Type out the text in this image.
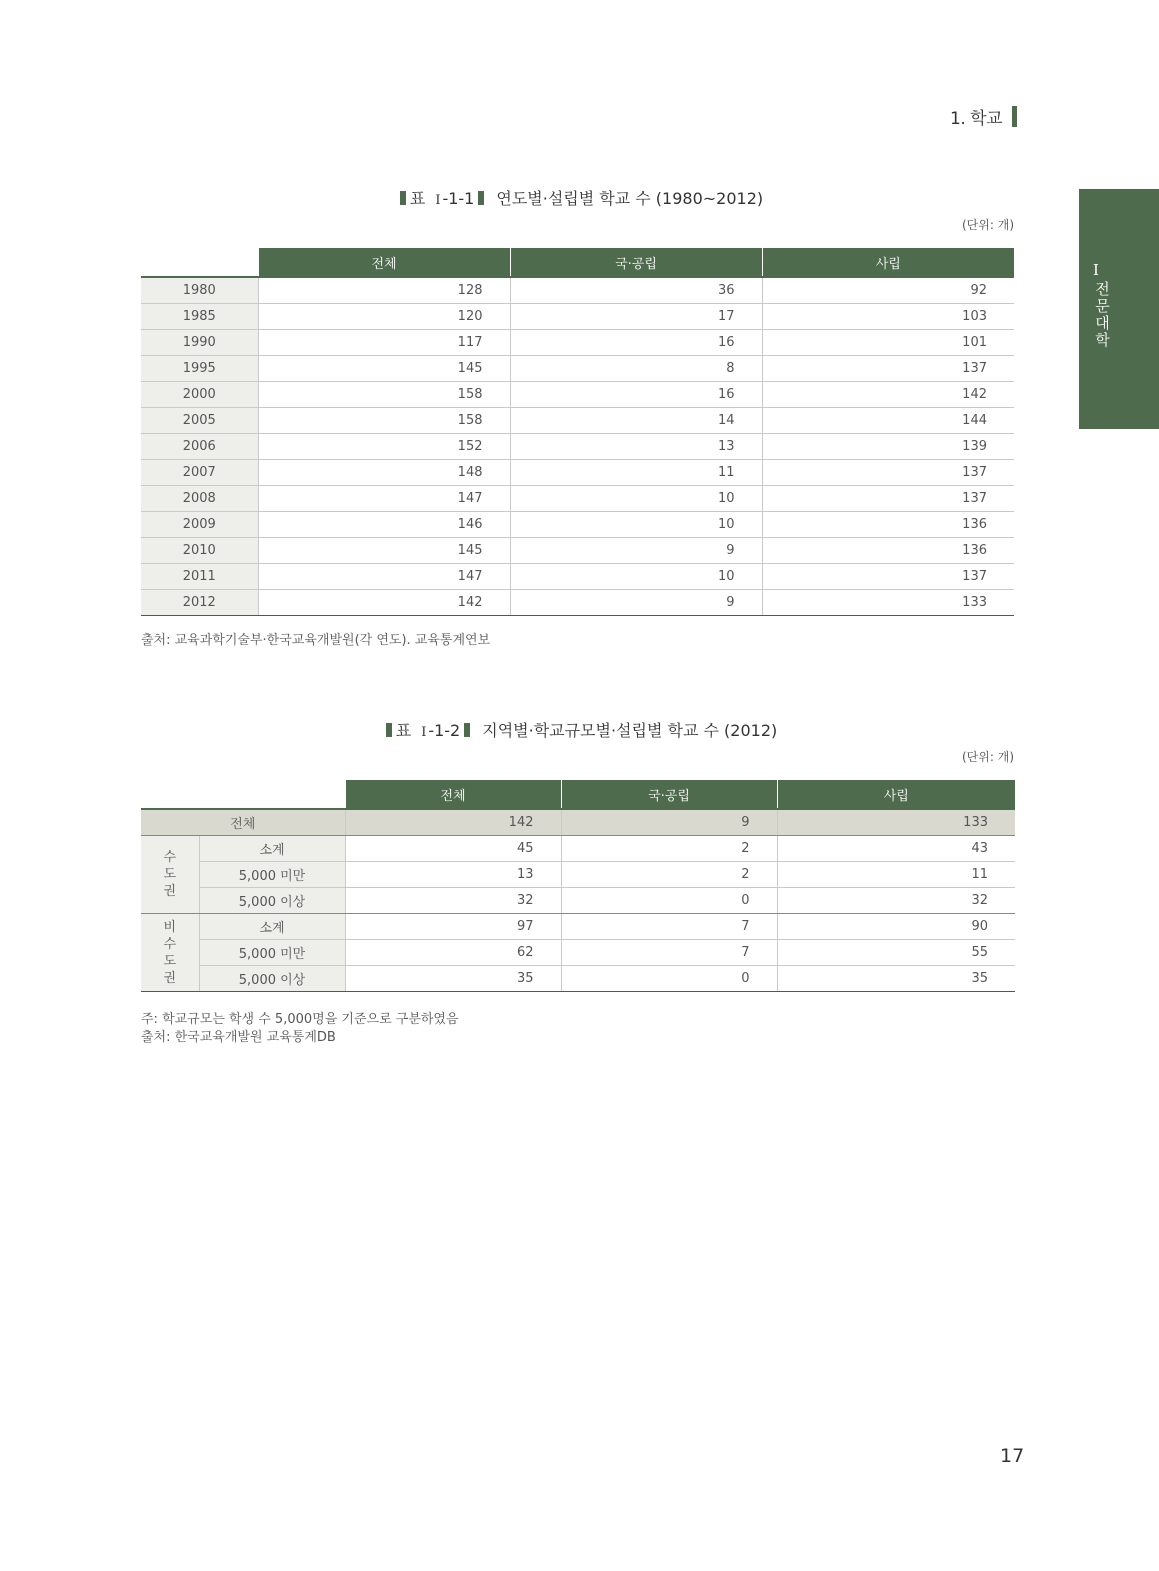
1. 학교
I
전문대학
표 I -1-1 연도별·설립별 학교 수 (1980~2012)
(단위: 개)
	전체	국·공립	사립
1980	128	36	92
1985	120	17	103
1990	117	16	101
1995	145	8	137
2000	158	16	142
2005	158	14	144
2006	152	13	139
2007	148	11	137
2008	147	10	137
2009	146	10	136
2010	145	9	136
2011	147	10	137
2012	142	9	133
출처: 교육과학기술부·한국교육개발원(각 연도). 교육통계연보
표 I -1-2 지역별·학교규모별·설립별 학교 수 (2012)
(단위: 개)
		전체	국·공립	사립
전체		142	9	133

수
도
권	소계	45	2	43
	5,000 미만	13	2	11
	5,000 이상	32	0	32

비
수
도
권	소계	97	7	90
	5,000 미만	62	7	55
	5,000 이상	35	0	35
주: 학교규모는 학생 수 5,000명을 기준으로 구분하였음
출처: 한국교육개발원 교육통계DB
17
